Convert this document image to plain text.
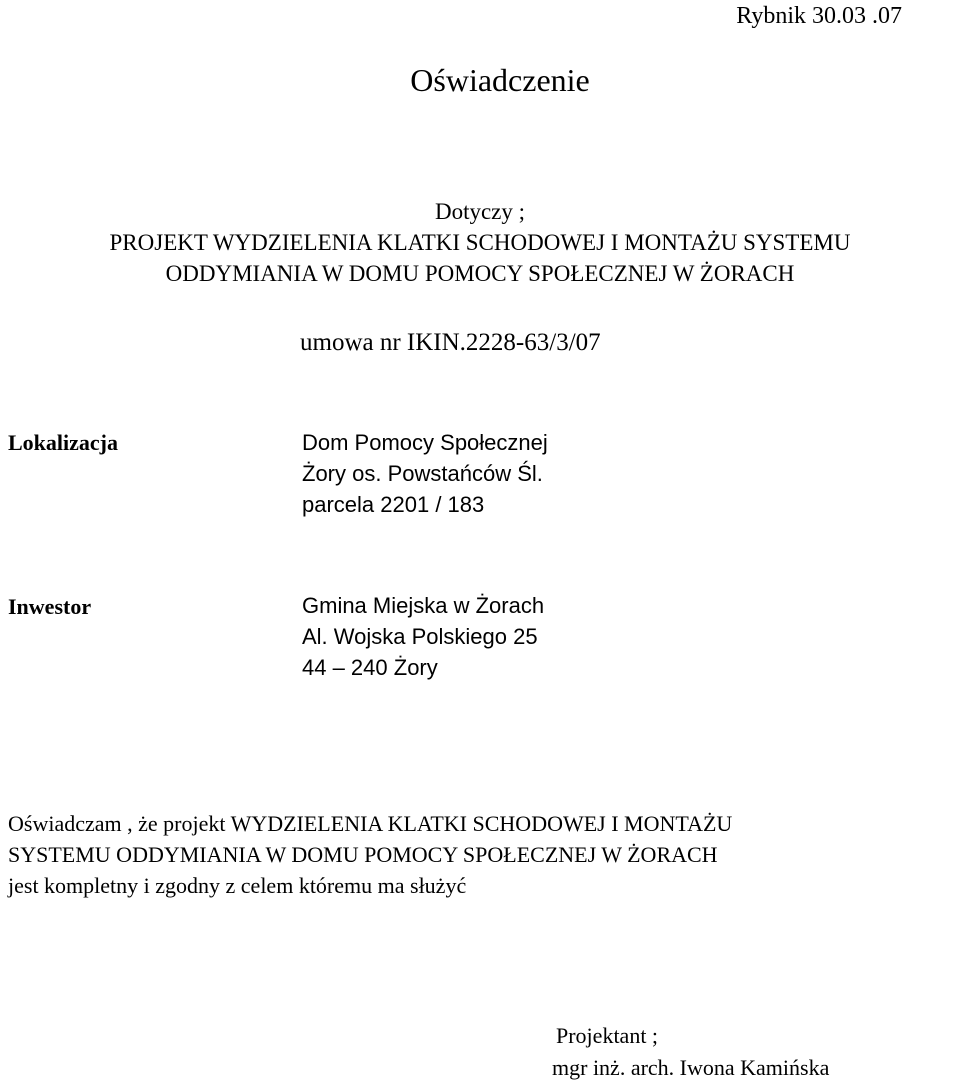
Rybnik 30.03 .07
Oświadczenie
Dotyczy ;
PROJEKT WYDZIELENIA KLATKI SCHODOWEJ I MONTAŻU SYSTEMU
ODDYMIANIA W DOMU POMOCY SPOŁECZNEJ W ŻORACH
umowa nr IKIN.2228-63/3/07
Lokalizacja	Dom Pomocy Społecznej
Żory os. Powstańców Śl.
parcela 2201 / 183
Inwestor	Gmina Miejska w Żorach
Al. Wojska Polskiego 25
44 – 240 Żory
Oświadczam , że projekt WYDZIELENIA KLATKI SCHODOWEJ I MONTAŻU
SYSTEMU ODDYMIANIA W DOMU POMOCY SPOŁECZNEJ W ŻORACH
jest kompletny i zgodny z celem któremu ma służyć
Projektant ;
mgr inż. arch. Iwona Kamińska
